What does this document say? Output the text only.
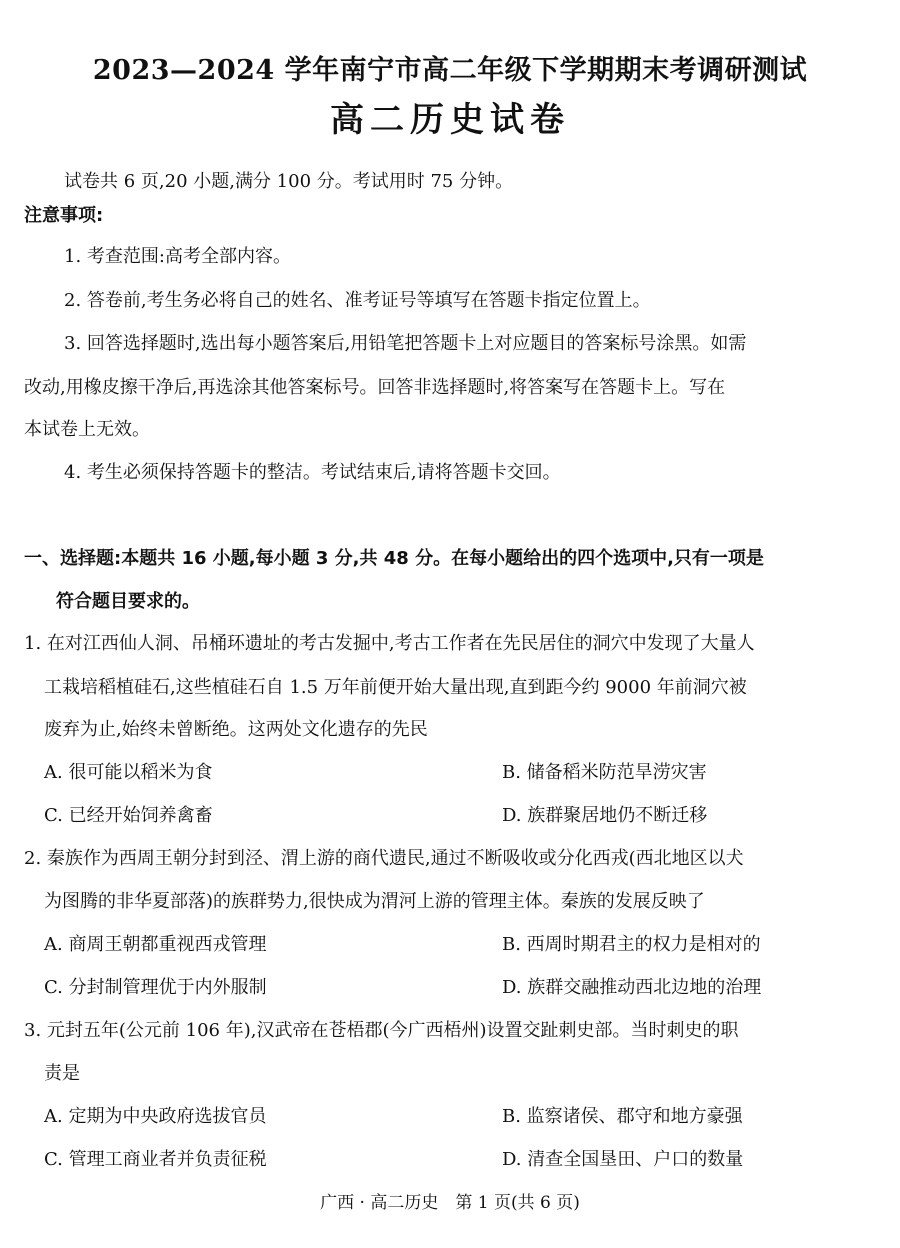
2023—2024 学年南宁市高二年级下学期期末考调研测试
高二历史试卷
试卷共 6 页,20 小题,满分 100 分。考试用时 75 分钟。
注意事项:
1. 考查范围:高考全部内容。
2. 答卷前,考生务必将自己的姓名、准考证号等填写在答题卡指定位置上。
3. 回答选择题时,选出每小题答案后,用铅笔把答题卡上对应题目的答案标号涂黑。如需
改动,用橡皮擦干净后,再选涂其他答案标号。回答非选择题时,将答案写在答题卡上。写在
本试卷上无效。
4. 考生必须保持答题卡的整洁。考试结束后,请将答题卡交回。
一、选择题:本题共 16 小题,每小题 3 分,共 48 分。在每小题给出的四个选项中,只有一项是
符合题目要求的。
1. 在对江西仙人洞、吊桶环遗址的考古发掘中,考古工作者在先民居住的洞穴中发现了大量人
工栽培稻植硅石,这些植硅石自 1.5 万年前便开始大量出现,直到距今约 9000 年前洞穴被
废弃为止,始终未曾断绝。这两处文化遗存的先民
A. 很可能以稻米为食	B. 储备稻米防范旱涝灾害
C. 已经开始饲养禽畜	D. 族群聚居地仍不断迁移
2. 秦族作为西周王朝分封到泾、渭上游的商代遗民,通过不断吸收或分化西戎(西北地区以犬
为图腾的非华夏部落)的族群势力,很快成为渭河上游的管理主体。秦族的发展反映了
A. 商周王朝都重视西戎管理	B. 西周时期君主的权力是相对的
C. 分封制管理优于内外服制	D. 族群交融推动西北边地的治理
3. 元封五年(公元前 106 年),汉武帝在苍梧郡(今广西梧州)设置交趾刺史部。当时刺史的职
责是
A. 定期为中央政府选拔官员	B. 监察诸侯、郡守和地方豪强
C. 管理工商业者并负责征税	D. 清查全国垦田、户口的数量
广西 · 高二历史　第 1 页(共 6 页)
